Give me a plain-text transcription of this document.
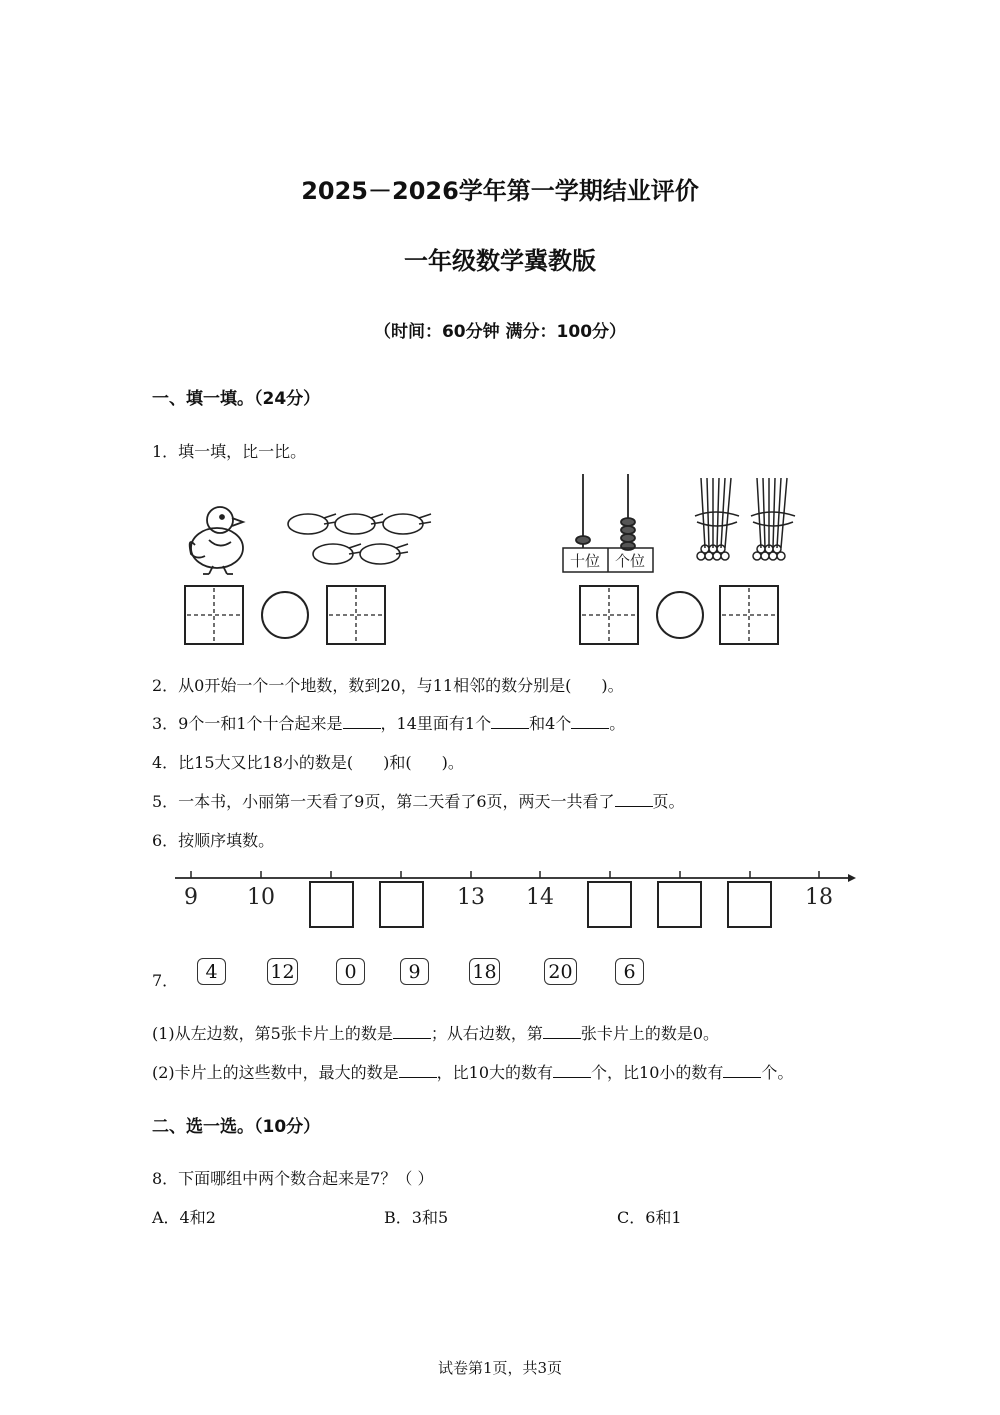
2025－2026学年第一学期结业评价
一年级数学冀教版
（时间：60分钟 满分：100分）
一、填一填。（24分）
1．填一填，比一比。
十位 个位
2．从0开始一个一个地数，数到20，与11相邻的数分别是( )。
3．9个一和1个十合起来是 ，14里面有1个 和4个 。
4．比15大又比18小的数是( )和( )。
5．一本书，小丽第一天看了9页，第二天看了6页，两天一共看了 页。
6．按顺序填数。
9 10	13 14	18
7．	4	12	0	9	18	20	6
(1)从左边数，第5张卡片上的数是 ；从右边数，第 张卡片上的数是0。
(2)卡片上的这些数中，最大的数是 ，比10大的数有 个，比10小的数有 个。
二、选一选。（10分）
8．下面哪组中两个数合起来是7？（ ）
A．4和2	B．3和5	C．6和1
试卷第1页，共3页
